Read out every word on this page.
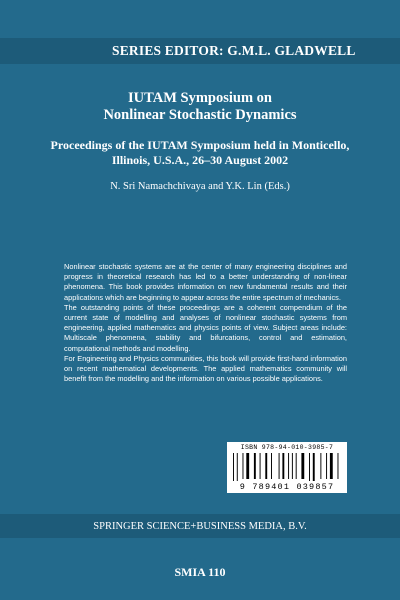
SERIES EDITOR: G.M.L. GLADWELL
IUTAM Symposium on
Nonlinear Stochastic Dynamics
Proceedings of the IUTAM Symposium held in Monticello,
Illinois, U.S.A., 26–30 August 2002
N. Sri Namachchivaya and Y.K. Lin (Eds.)

Nonlinear stochastic systems are at the center of many engineering disciplines and progress in theoretical research has led to a better understanding of non-linear phenomena. This book provides information on new fundamental results and their applications which are beginning to appear across the entire spectrum of mechanics.

The outstanding points of these proceedings are a coherent compendium of the current state of modelling and analyses of nonlinear stochastic systems from engineering, applied mathematics and physics points of view. Subject areas include: Multiscale phenomena, stability and bifurcations, control and estimation, computational methods and modelling.

For Engineering and Physics communities, this book will provide first-hand information on recent mathematical developments. The applied mathematics community will benefit from the modelling and the information on various possible applications.

ISBN 978-94-010-3985-7
9 789401 039857
SPRINGER SCIENCE+BUSINESS MEDIA, B.V.
SMIA 110
